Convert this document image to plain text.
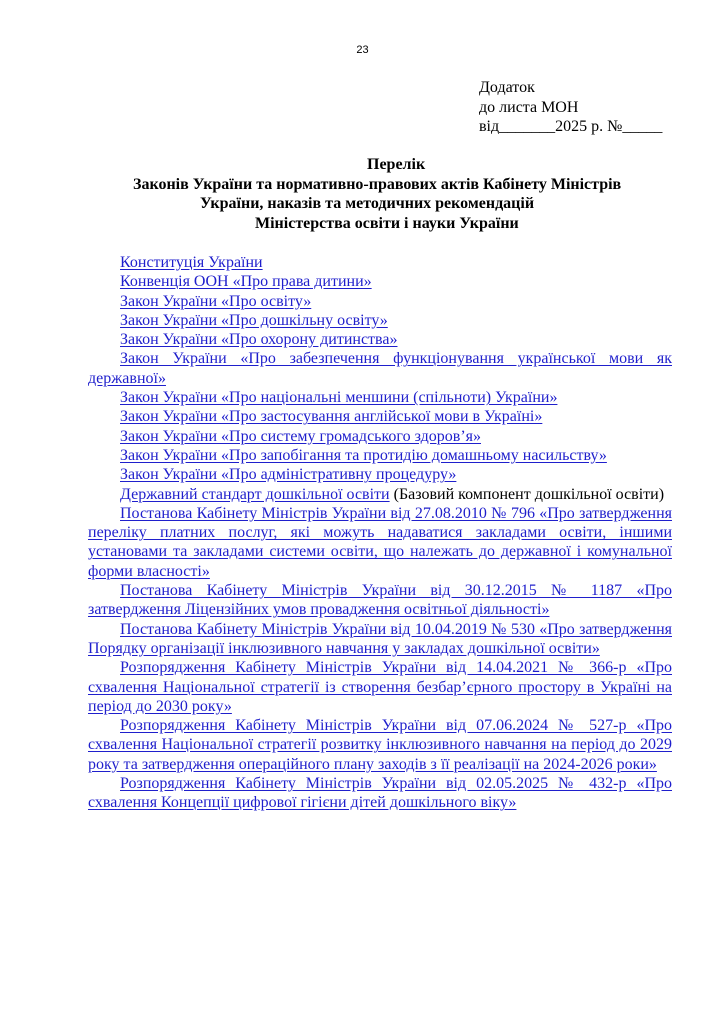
23
Додаток
до листа МОН
від_______2025 р. №_____
Перелік
Законів України та нормативно-правових актів Кабінету Міністрів
України, наказів та методичних рекомендацій
Міністерства освіти і науки України

Конституція України

Конвенція ООН «Про права дитини»

Закон України «Про освіту»

Закон України «Про дошкільну освіту»

Закон України «Про охорону дитинства»

Закон України «Про забезпечення функціонування української мови як державної»

Закон України «Про національні меншини (спільноти) України»

Закон України «Про застосування англійської мови в Україні»

Закон України «Про систему громадського здоров’я»

Закон України «Про запобігання та протидію домашньому насильству»

Закон України «Про адміністративну процедуру»

Державний стандарт дошкільної освіти (Базовий компонент дошкільної освіти)

Постанова Кабінету Міністрів України від 27.08.2010 № 796 «Про затвердження переліку платних послуг, які можуть надаватися закладами освіти, іншими установами та закладами системи освіти, що належать до державної і комунальної форми власності»

Постанова Кабінету Міністрів України від 30.12.2015 № 1187 «Про затвердження Ліцензійних умов провадження освітньої діяльності»

Постанова Кабінету Міністрів України від 10.04.2019 № 530 «Про затвердження Порядку організації інклюзивного навчання у закладах дошкільної освіти»

Розпорядження Кабінету Міністрів України від 14.04.2021 № 366-р «Про схвалення Національної стратегії із створення безбар’єрного простору в Україні на період до 2030 року»

Розпорядження Кабінету Міністрів України від 07.06.2024 № 527-р «Про схвалення Національної стратегії розвитку інклюзивного навчання на період до 2029 року та затвердження операційного плану заходів з її реалізації на 2024-2026 роки»

Розпорядження Кабінету Міністрів України від 02.05.2025 № 432-р «Про схвалення Концепції цифрової гігієни дітей дошкільного віку»
